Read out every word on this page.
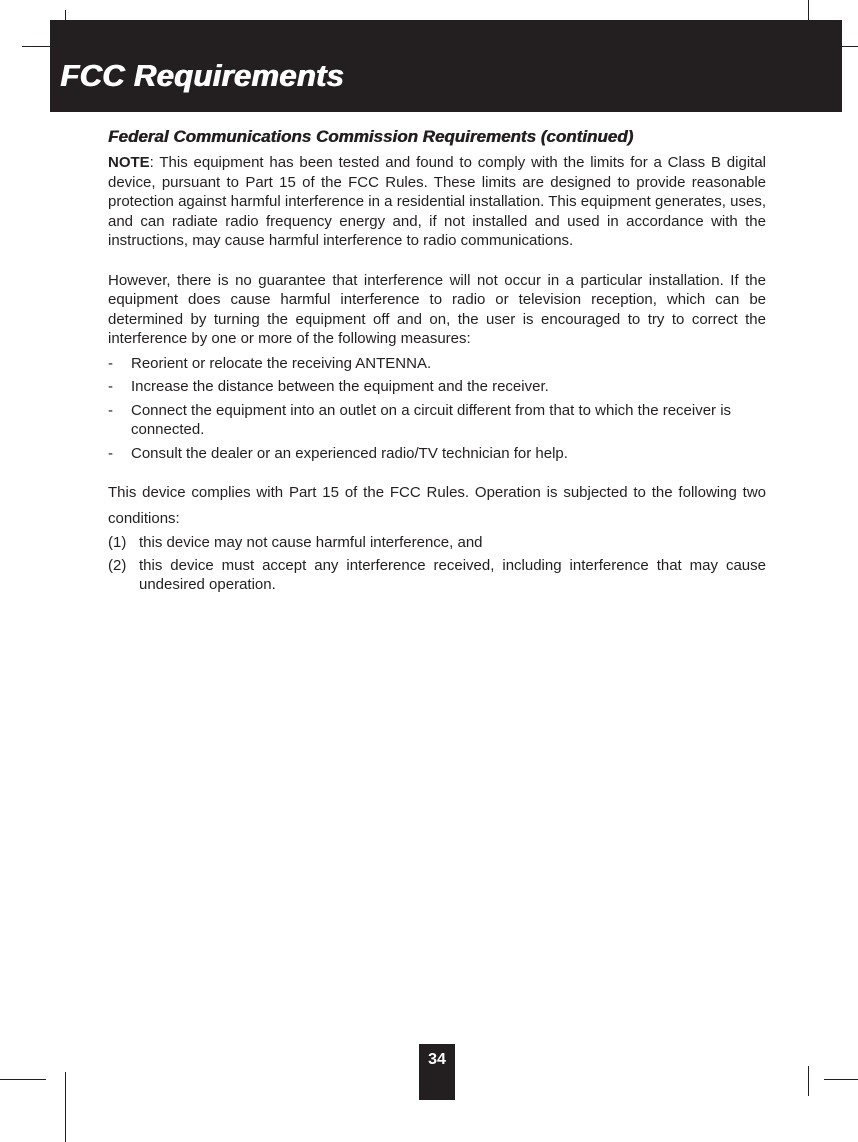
FCC Requirements
Federal Communications Commission Requirements (continued)

NOTE: This equipment has been tested and found to comply with the limits for a Class B digital device, pursuant to Part 15 of the FCC Rules. These limits are designed to provide reasonable protection against harmful interference in a residential installation. This equipment generates, uses, and can radiate radio frequency energy and, if not installed and used in accordance with the instructions, may cause harmful interference to radio communications.

However, there is no guarantee that interference will not occur in a particular installation. If the equipment does cause harmful interference to radio or television reception, which can be determined by turning the equipment off and on, the user is encouraged to try to correct the interference by one or more of the following measures:

- Reorient or relocate the receiving ANTENNA.
- Increase the distance between the equipment and the receiver.
- Connect the equipment into an outlet on a circuit different from that to which the receiver is connected.
- Consult the dealer or an experienced radio/TV technician for help.

This device complies with Part 15 of the FCC Rules. Operation is subjected to the following two conditions:

(1) this device may not cause harmful interference, and
(2) this device must accept any interference received, including interference that may cause undesired operation.
34
